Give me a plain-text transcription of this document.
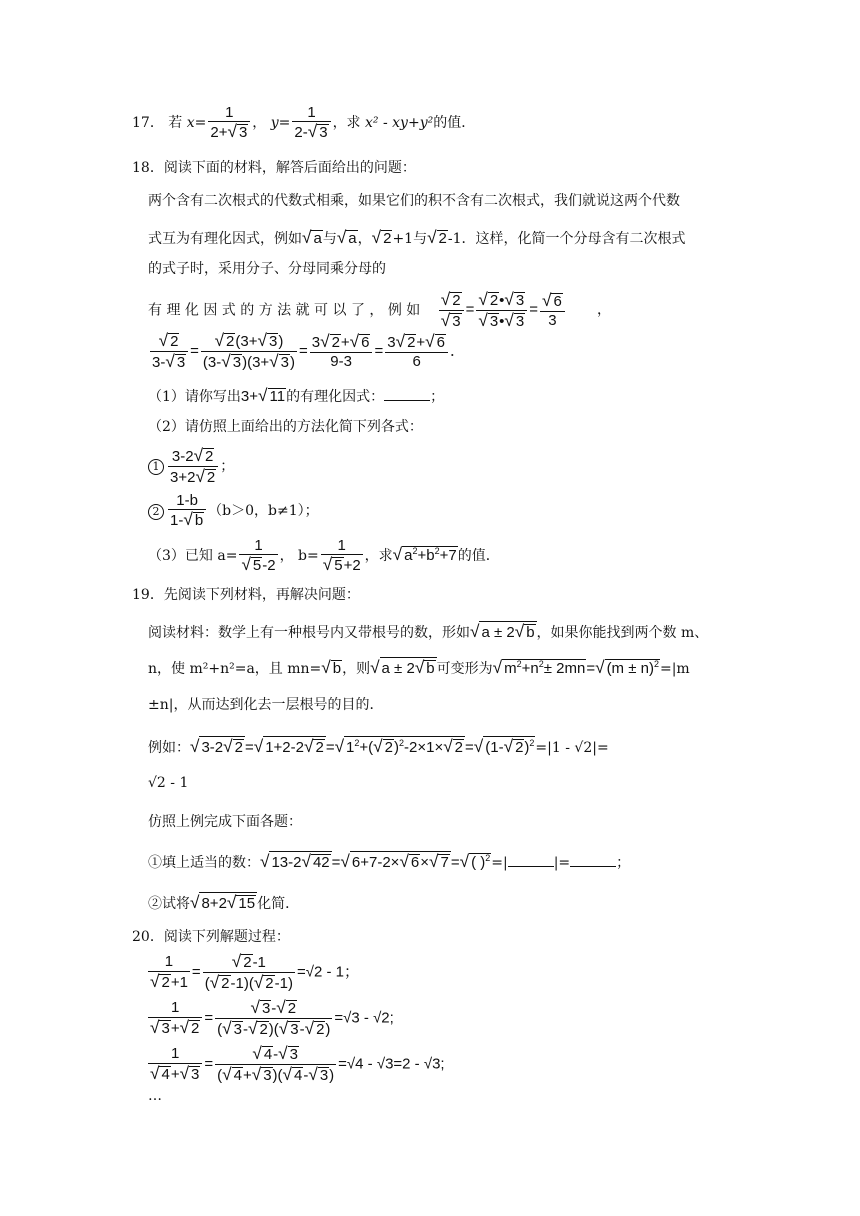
17． 若 $x= \frac{1}{2+√ 3}$ ， $y= \frac{1}{2-√ 3}$ ，求 x² - xy+y²的值．
18．阅读下面的材料，解答后面给出的问题：
两个含有二次根式的代数式相乘，如果它们的积不含有二次根式，我们就说这两个代数
式互为有理化因式，例如√ a与√ a，√ 2+1与√ 2-1．这样，化简一个分母含有二次根式
的式子时，采用分子、分母同乘分母的
有 理 化 因 式 的 方 法 就 可 以 了 ， 例 如 $\frac{√ 2}{√ 3} = \frac{√ 2•√ 3}{√ 3•√ 3} = \frac{√ 6}{3}$ ，
$\frac{√ 2}{3-√ 3} = \frac{√ 2(3+√ 3)}{(3-√ 3)(3+√ 3)} = \frac{3√ 2+√ 6}{9-3} = \frac{3√ 2+√ 6}{6}$ ．
（1）请你写出3+√ 11的有理化因式：	；
（2）请仿照上面给出的方法化简下列各式：
$1 \frac{3-2√ 2}{3+2√ 2}$ ；
$2 \frac{1-b}{1-√ b} (b>0$，b≠1）；
（3）已知 $a= \frac{1}{√ 5-2}$ ， $b= \frac{1}{√ 5+2}$ ，求√ $a^2+b^2+7$的值．
19．先阅读下列材料，再解决问题：
阅读材料：数学上有一种根号内又带根号的数，形如√ a ± 2√ b ，如果你能找到两个数 m、
n，使 m²+n²=a，且 mn=√ b，则√ a ± 2√ b 可变形为√ $m^2+n^2\pm 2mn=√$ $(m \pm n)^2=|m$
±n|，从而达到化去一层根号的目的．
例如：√ 3-2√ 2 =√ 1+2-2√ 2 =√ $1^2+(√$ 2)$^2$-2×1×√ 2 =√ (1-√ 2)$^2$=|1 - √2|=
√2 - 1
仿照上例完成下面各题：
①填上适当的数：√ 13-2√ 42 =√ 6+7-2×√ 6×√ 7 =√ ( )$^2$=|	|=	；
②试将√ 8+2√ 15 化简．
20．阅读下列解题过程：
$\frac{1}{√ 2+1} = \frac{√ 2-1}{(√ 2-1)(√ 2-1)} =√2 - 1$；
$\frac{1}{√ 3+√ 2} = \frac{√ 3-√ 2}{(√ 3-√ 2)(√ 3-√ 2)} =√3 - √2$;
$\frac{1}{√ 4+√ 3} = \frac{√ 4-√ 3}{(√ 4+√ 3)(√ 4-√ 3)} =√4 - √3=2 - √3$;
…
